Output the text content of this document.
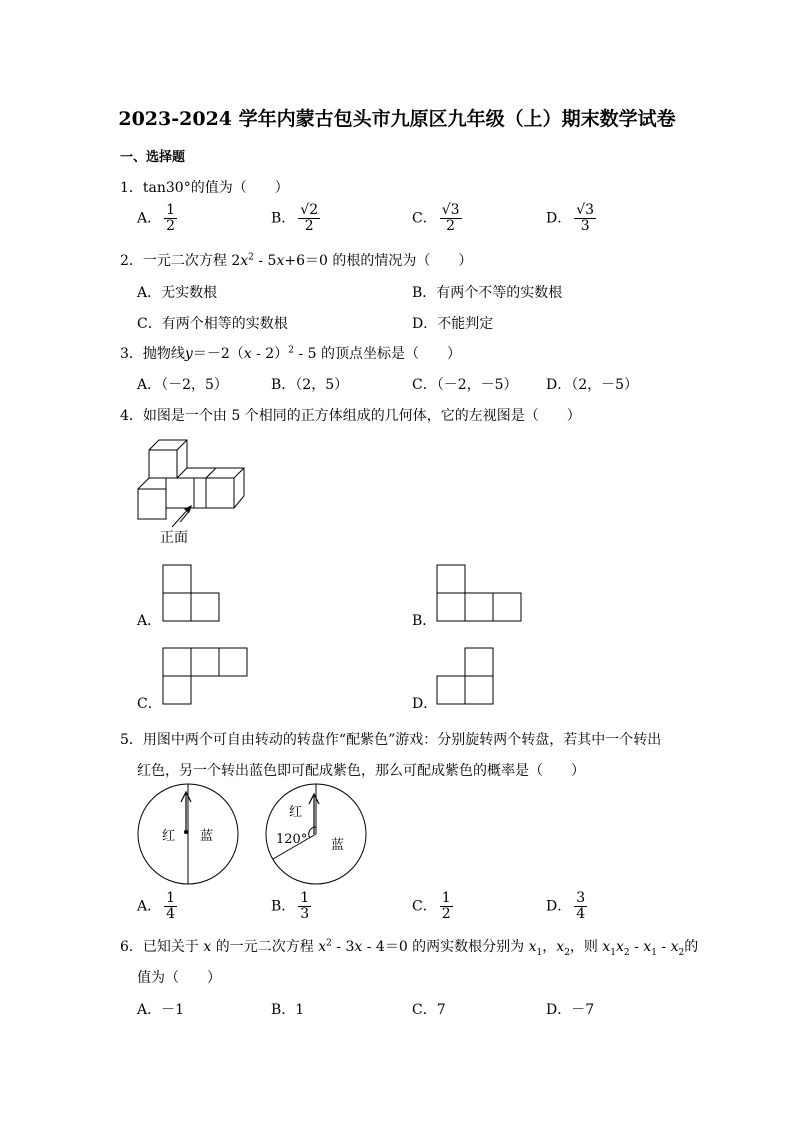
2023-2024 学年内蒙古包头市九原区九年级（上）期末数学试卷
一、选择题
1．tan30°的值为（　　）
A． $\frac{1}{2}$	B． $\frac{√2}{2}$	C． $\frac{√3}{2}$	D． $\frac{√3}{3}$
2．一元二次方程 $2x^2 - 5x+6=0$ 的根的情况为（　　）
A．无实数根	B．有两个不等的实数根
C．有两个相等的实数根	D．不能判定
3．抛物线y＝－2（x - 2）$^2$ - 5 的顶点坐标是（　　）
A．（－2，5）	B．（2，5）	C．（－2，－5） D．（2，－5）
4．如图是一个由 5 个相同的正方体组成的几何体，它的左视图是（　　）
正面
A．	B．
C．	D．
5．用图中两个可自由转动的转盘作“配紫色”游戏：分别旋转两个转盘，若其中一个转出
红色，另一个转出蓝色即可配成紫色，那么可配成紫色的概率是（　　）
红 蓝
红
120° 蓝
A． $\frac{1}{4}$	B． $\frac{1}{3}$	C． $\frac{1}{2}$	D． $\frac{3}{4}$
6．已知关于 x 的一元二次方程 $x^2 - 3x - 4=0$ 的两实数根分别为 $x_1$，$x_2$，则 $x_1x_2 - x_1 - x_2$的
值为（　　）
A．－1	B．1	C．7	D．－7
